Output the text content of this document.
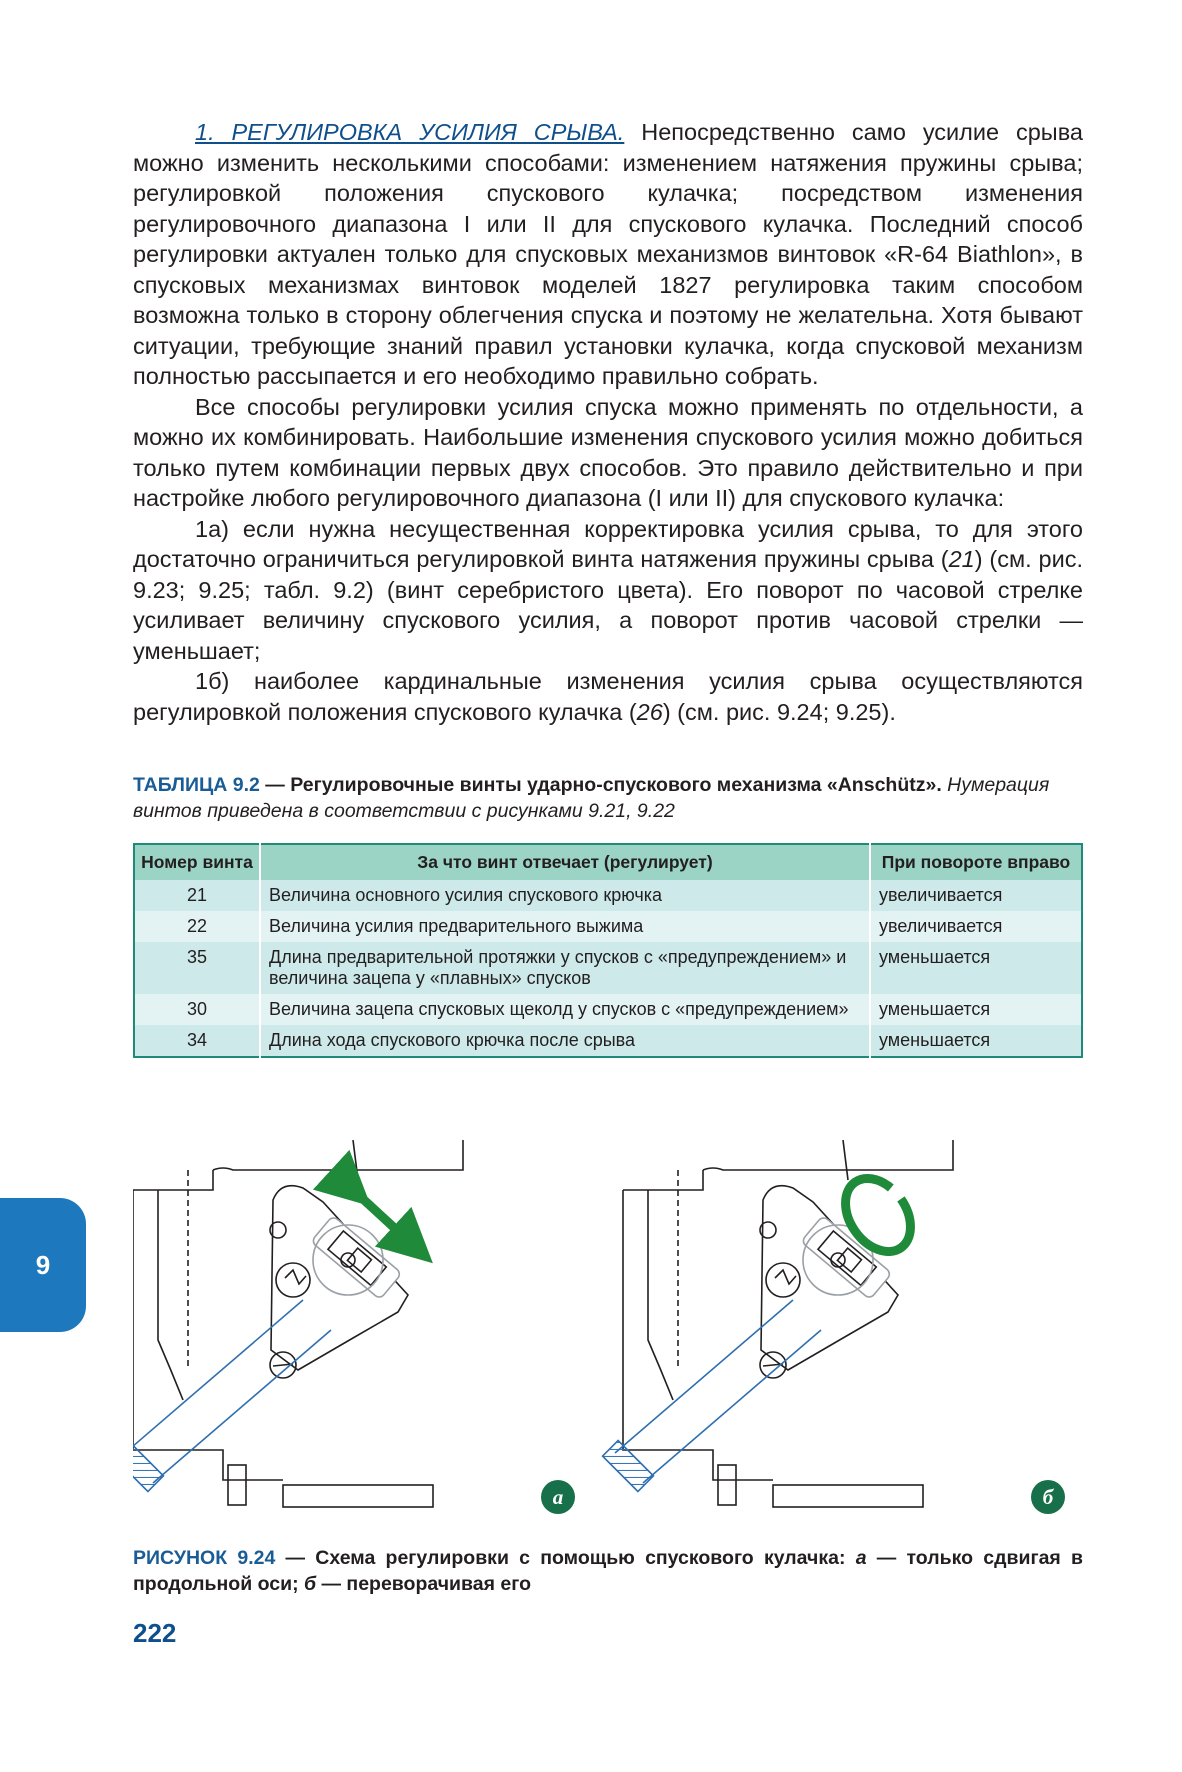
1. РЕГУЛИРОВКА УСИЛИЯ СРЫВА. Непосредственно само усилие срыва можно изменить несколькими способами: изменением натяжения пружины срыва; регулировкой положения спускового кулачка; посредством изменения регулировочного диапазона I или II для спускового кулачка. Последний способ регулировки актуален только для спусковых механизмов винтовок «R-64 Biathlon», в спусковых механизмах винтовок моделей 1827 регулировка таким способом возможна только в сторону облегчения спуска и поэтому не желательна. Хотя бывают ситуации, требующие знаний правил установки кулачка, когда спусковой механизм полностью рассыпается и его необходимо правильно собрать.

Все способы регулировки усилия спуска можно применять по отдельности, а можно их комбинировать. Наибольшие изменения спускового усилия можно добиться только путем комбинации первых двух способов. Это правило действительно и при настройке любого регулировочного диапазона (I или II) для спускового кулачка:

1а) если нужна несущественная корректировка усилия срыва, то для этого достаточно ограничиться регулировкой винта натяжения пружины срыва (21) (см. рис. 9.23; 9.25; табл. 9.2) (винт серебристого цвета). Его поворот по часовой стрелке усиливает величину спускового усилия, а поворот против часовой стрелки — уменьшает;

1б) наиболее кардинальные изменения усилия срыва осуществляются регулировкой положения спускового кулачка (26) (см. рис. 9.24; 9.25).

ТАБЛИЦА 9.2 — Регулировочные винты ударно-спускового механизма «Anschütz». Нумерация винтов приведена в соответствии с рисунками 9.21, 9.22
Номер винта	За что винт отвечает (регулирует)	При повороте вправо
21	Величина основного усилия спускового крючка	увеличивается
22	Величина усилия предварительного выжима	увеличивается
35	Длина предварительной протяжки у спусков с «предупреждением» и величина зацепа у «плавных» спусков	уменьшается
30	Величина зацепа спусковых щеколд у спусков с «предупреждением»	уменьшается
34	Длина хода спускового крючка после срыва	уменьшается
а	б
РИСУНОК 9.24 — Схема регулировки с помощью спускового кулачка: а — только сдвигая в продольной оси; б — переворачивая его
222
9
